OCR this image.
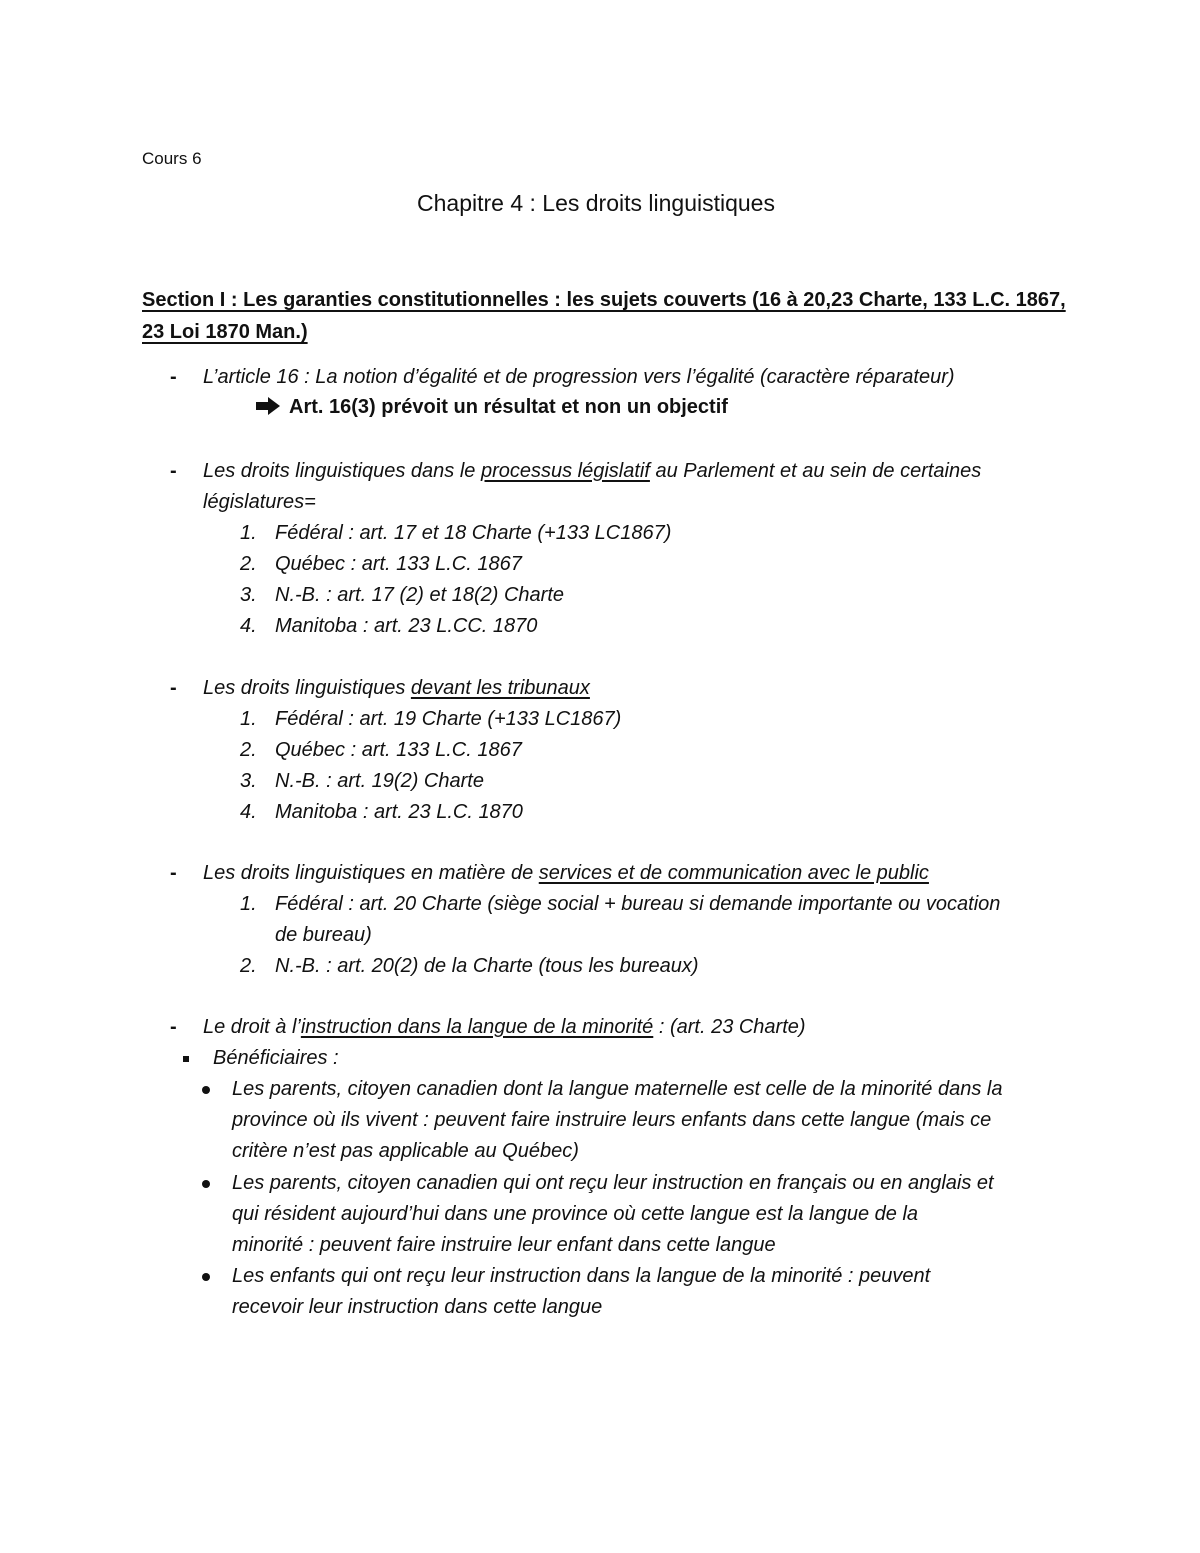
Cours 6
Chapitre 4 : Les droits linguistiques
Section I : Les garanties constitutionnelles : les sujets couverts (16 à 20,23 Charte, 133 L.C. 1867,
23 Loi 1870 Man.)
- L’article 16 : La notion d’égalité et de progression vers l’égalité (caractère réparateur)
Art. 16(3) prévoit un résultat et non un objectif
- Les droits linguistiques dans le processus législatif au Parlement et au sein de certaines
législatures=
1. Fédéral : art. 17 et 18 Charte (+133 LC1867)
2. Québec : art. 133 L.C. 1867
3. N.-B. : art. 17 (2) et 18(2) Charte
4. Manitoba : art. 23 L.CC. 1870
- Les droits linguistiques devant les tribunaux
1. Fédéral : art. 19 Charte (+133 LC1867)
2. Québec : art. 133 L.C. 1867
3. N.-B. : art. 19(2) Charte
4. Manitoba : art. 23 L.C. 1870
- Les droits linguistiques en matière de services et de communication avec le public
1. Fédéral : art. 20 Charte (siège social + bureau si demande importante ou vocation
de bureau)
2. N.-B. : art. 20(2) de la Charte (tous les bureaux)
- Le droit à l’instruction dans la langue de la minorité : (art. 23 Charte)
Bénéficiaires :
Les parents, citoyen canadien dont la langue maternelle est celle de la minorité dans la
province où ils vivent : peuvent faire instruire leurs enfants dans cette langue (mais ce
critère n’est pas applicable au Québec)
Les parents, citoyen canadien qui ont reçu leur instruction en français ou en anglais et
qui résident aujourd’hui dans une province où cette langue est la langue de la
minorité : peuvent faire instruire leur enfant dans cette langue
Les enfants qui ont reçu leur instruction dans la langue de la minorité : peuvent
recevoir leur instruction dans cette langue
